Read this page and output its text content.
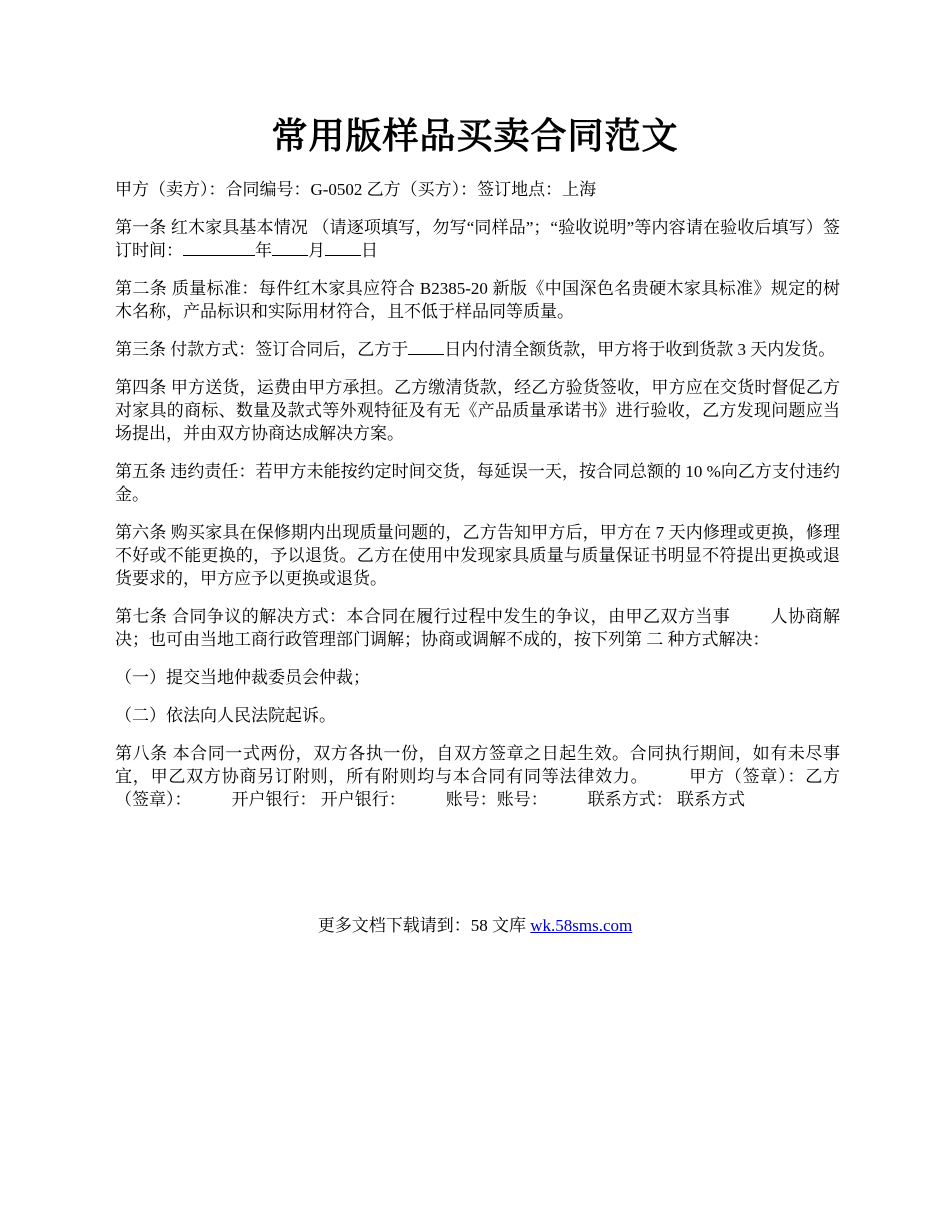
常用版样品买卖合同范文

甲方（卖方）：合同编号：G-0502 乙方（买方）：签订地点：上海

第一条 红木家具基本情况 （请逐项填写，勿写“同样品”；“验收说明”等内容请在验收后填写）签订时间：	年 月 日

第二条 质量标准：每件红木家具应符合 B2385-20 新版《中国深色名贵硬木家具标准》规定的树木名称，产品标识和实际用材符合，且不低于样品同等质量。

第三条 付款方式：签订合同后，乙方于 日内付清全额货款，甲方将于收到货款 3 天内发货。

第四条 甲方送货，运费由甲方承担。乙方缴清货款，经乙方验货签收，甲方应在交货时督促乙方对家具的商标、数量及款式等外观特征及有无《产品质量承诺书》进行验收，乙方发现问题应当场提出，并由双方协商达成解决方案。

第五条 违约责任：若甲方未能按约定时间交货，每延误一天，按合同总额的 10 %向乙方支付违约金。

第六条 购买家具在保修期内出现质量问题的，乙方告知甲方后，甲方在 7 天内修理或更换，修理不好或不能更换的，予以退货。乙方在使用中发现家具质量与质量保证书明显不符提出更换或退货要求的，甲方应予以更换或退货。

第七条 合同争议的解决方式：本合同在履行过程中发生的争议，由甲乙双方当事 人协商解决；也可由当地工商行政管理部门调解；协商或调解不成的，按下列第 二 种方式解决：

（一）提交当地仲裁委员会仲裁；

（二）依法向人民法院起诉。

第八条 本合同一式两份，双方各执一份，自双方签章之日起生效。合同执行期间，如有未尽事宜，甲乙双方协商另订附则，所有附则均与本合同有同等法律效力。 甲方（签章）：乙方（签章）： 开户银行： 开户银行： 账号：账号： 联系方式： 联系方式

更多文档下载请到：58 文库 wk.58sms.com
